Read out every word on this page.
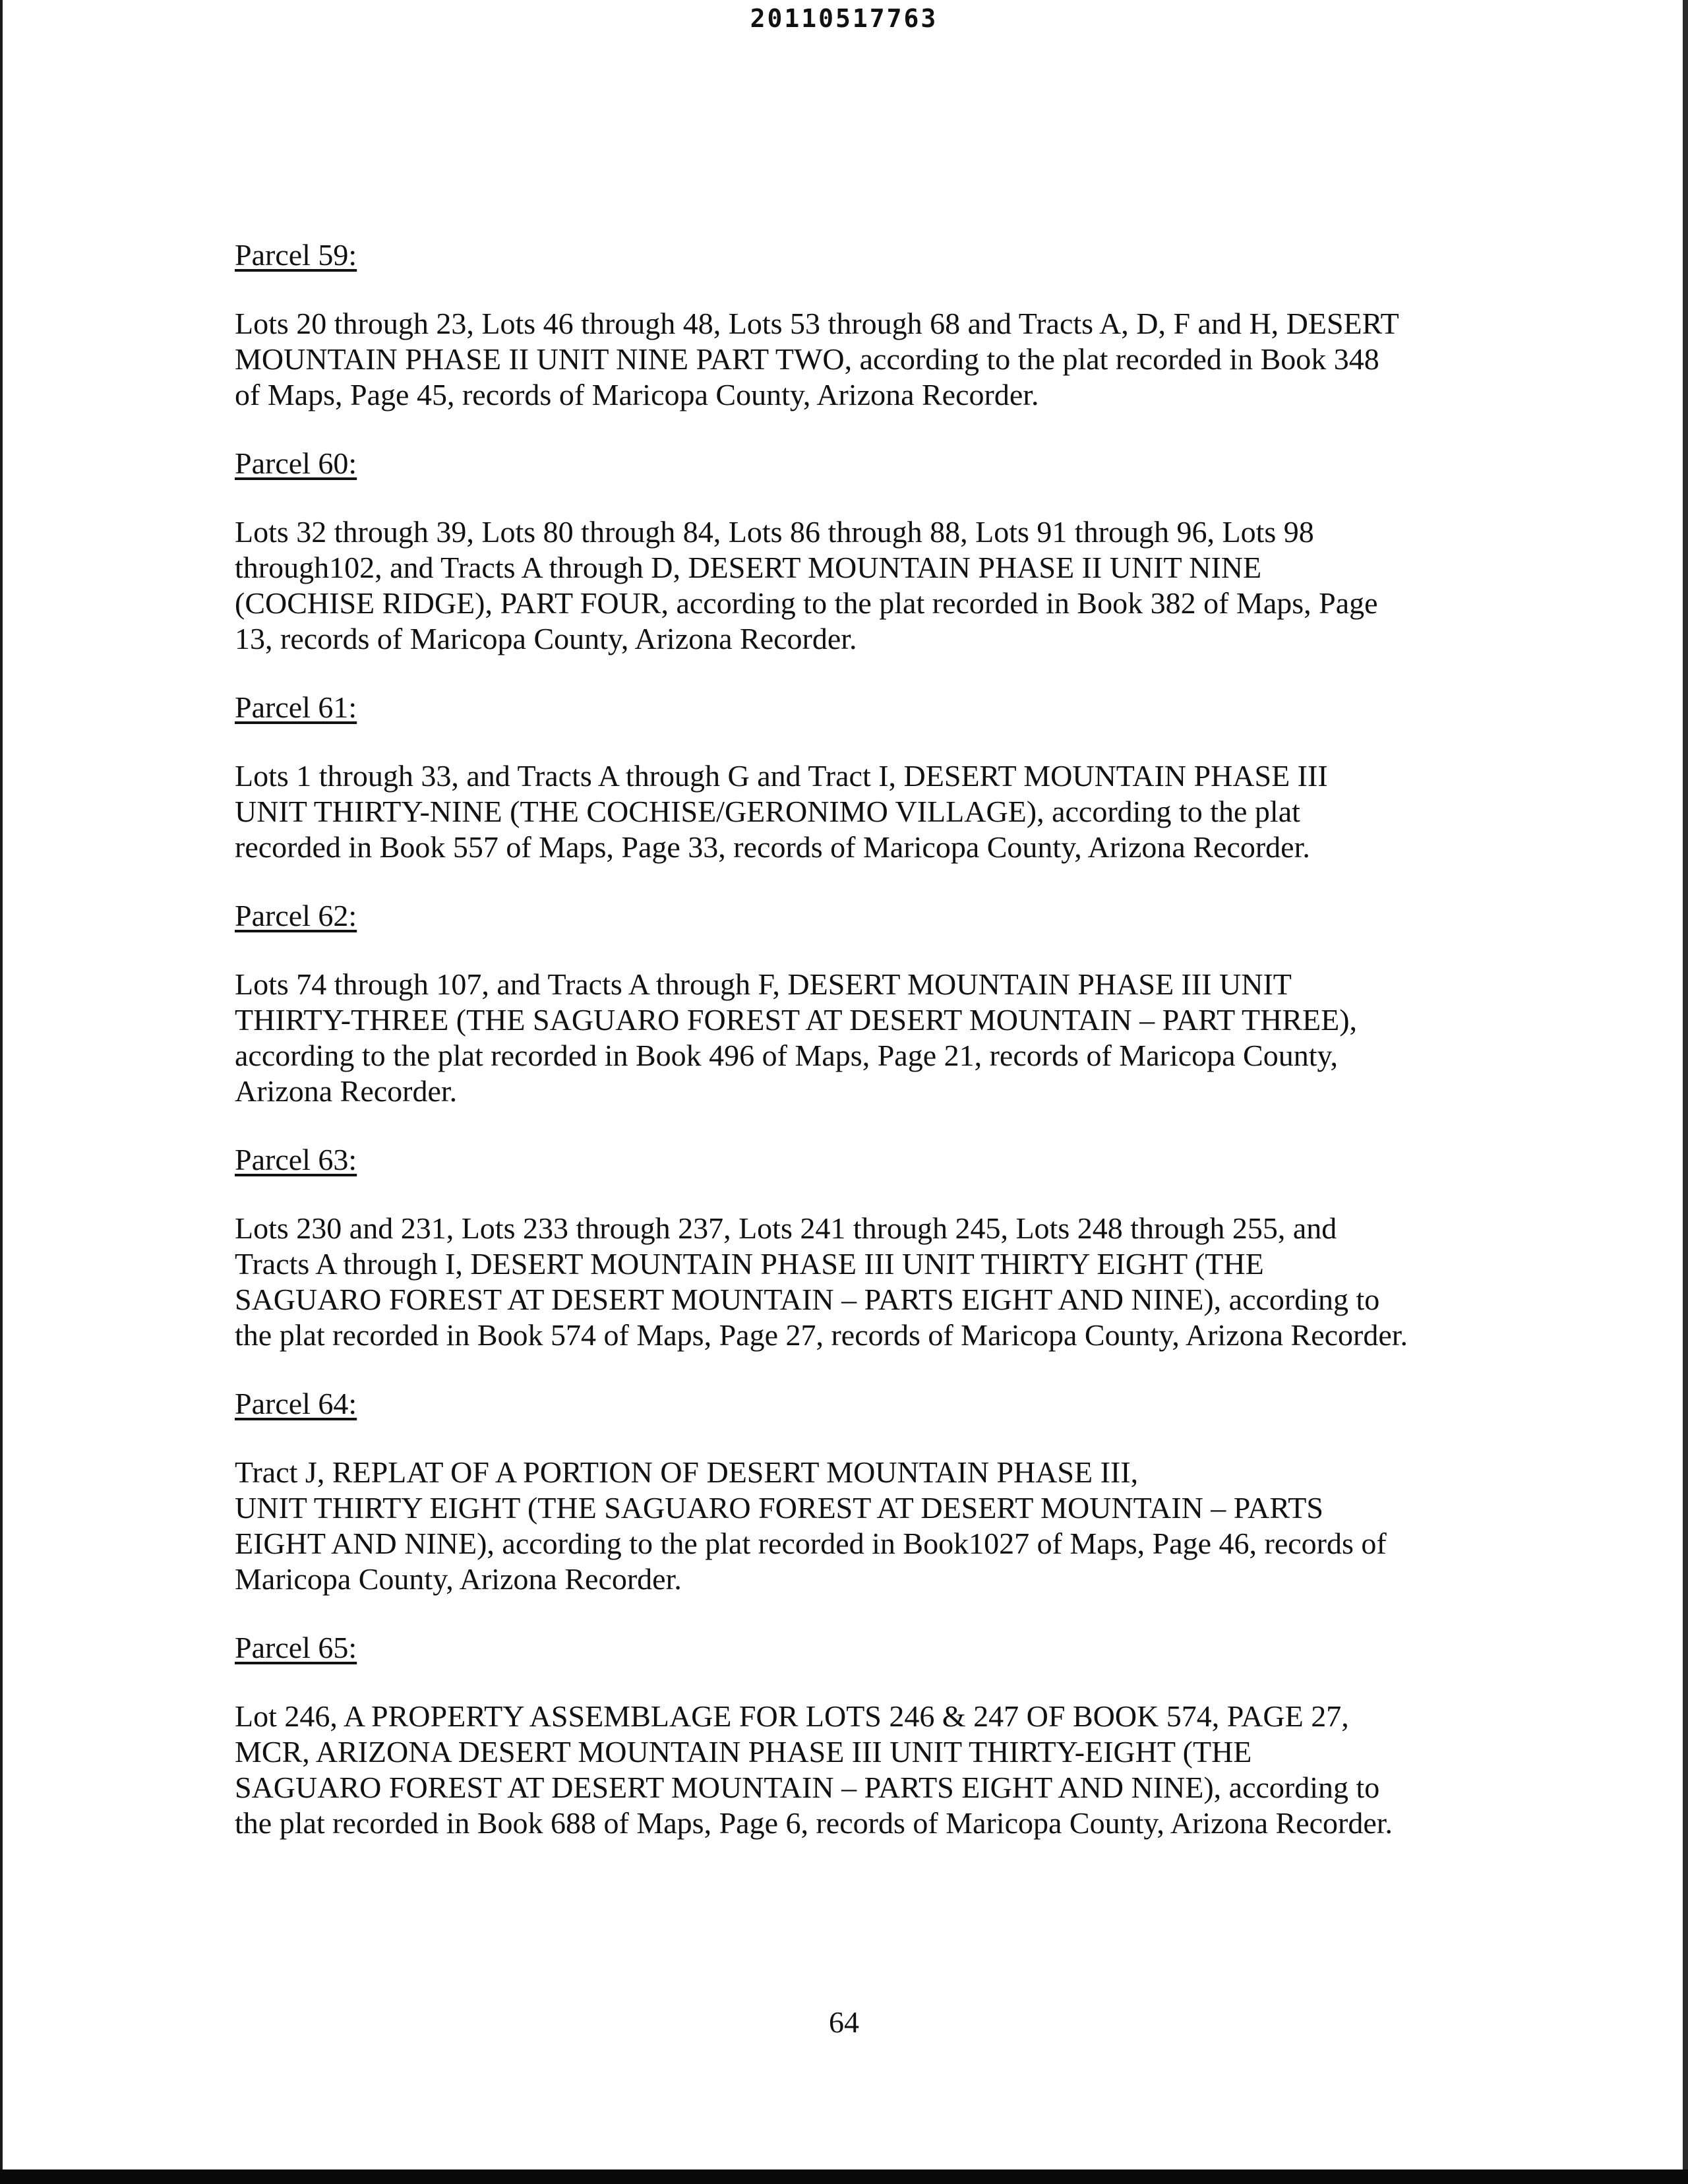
20110517763

Parcel 59:

Lots 20 through 23, Lots 46 through 48, Lots 53 through 68 and Tracts A, D, F and H, DESERT
MOUNTAIN PHASE II UNIT NINE PART TWO, according to the plat recorded in Book 348
of Maps, Page 45, records of Maricopa County, Arizona Recorder.

Parcel 60:

Lots 32 through 39, Lots 80 through 84, Lots 86 through 88, Lots 91 through 96, Lots 98
through102, and Tracts A through D, DESERT MOUNTAIN PHASE II UNIT NINE
(COCHISE RIDGE), PART FOUR, according to the plat recorded in Book 382 of Maps, Page
13, records of Maricopa County, Arizona Recorder.

Parcel 61:

Lots 1 through 33, and Tracts A through G and Tract I, DESERT MOUNTAIN PHASE III
UNIT THIRTY-NINE (THE COCHISE/GERONIMO VILLAGE), according to the plat
recorded in Book 557 of Maps, Page 33, records of Maricopa County, Arizona Recorder.

Parcel 62:

Lots 74 through 107, and Tracts A through F, DESERT MOUNTAIN PHASE III UNIT
THIRTY-THREE (THE SAGUARO FOREST AT DESERT MOUNTAIN – PART THREE),
according to the plat recorded in Book 496 of Maps, Page 21, records of Maricopa County,
Arizona Recorder.

Parcel 63:

Lots 230 and 231, Lots 233 through 237, Lots 241 through 245, Lots 248 through 255, and
Tracts A through I, DESERT MOUNTAIN PHASE III UNIT THIRTY EIGHT (THE
SAGUARO FOREST AT DESERT MOUNTAIN – PARTS EIGHT AND NINE), according to
the plat recorded in Book 574 of Maps, Page 27, records of Maricopa County, Arizona Recorder.

Parcel 64:

Tract J, REPLAT OF A PORTION OF DESERT MOUNTAIN PHASE III,
UNIT THIRTY EIGHT (THE SAGUARO FOREST AT DESERT MOUNTAIN – PARTS
EIGHT AND NINE), according to the plat recorded in Book1027 of Maps, Page 46, records of
Maricopa County, Arizona Recorder.

Parcel 65:

Lot 246, A PROPERTY ASSEMBLAGE FOR LOTS 246 & 247 OF BOOK 574, PAGE 27,
MCR, ARIZONA DESERT MOUNTAIN PHASE III UNIT THIRTY-EIGHT (THE
SAGUARO FOREST AT DESERT MOUNTAIN – PARTS EIGHT AND NINE), according to
the plat recorded in Book 688 of Maps, Page 6, records of Maricopa County, Arizona Recorder.

64
